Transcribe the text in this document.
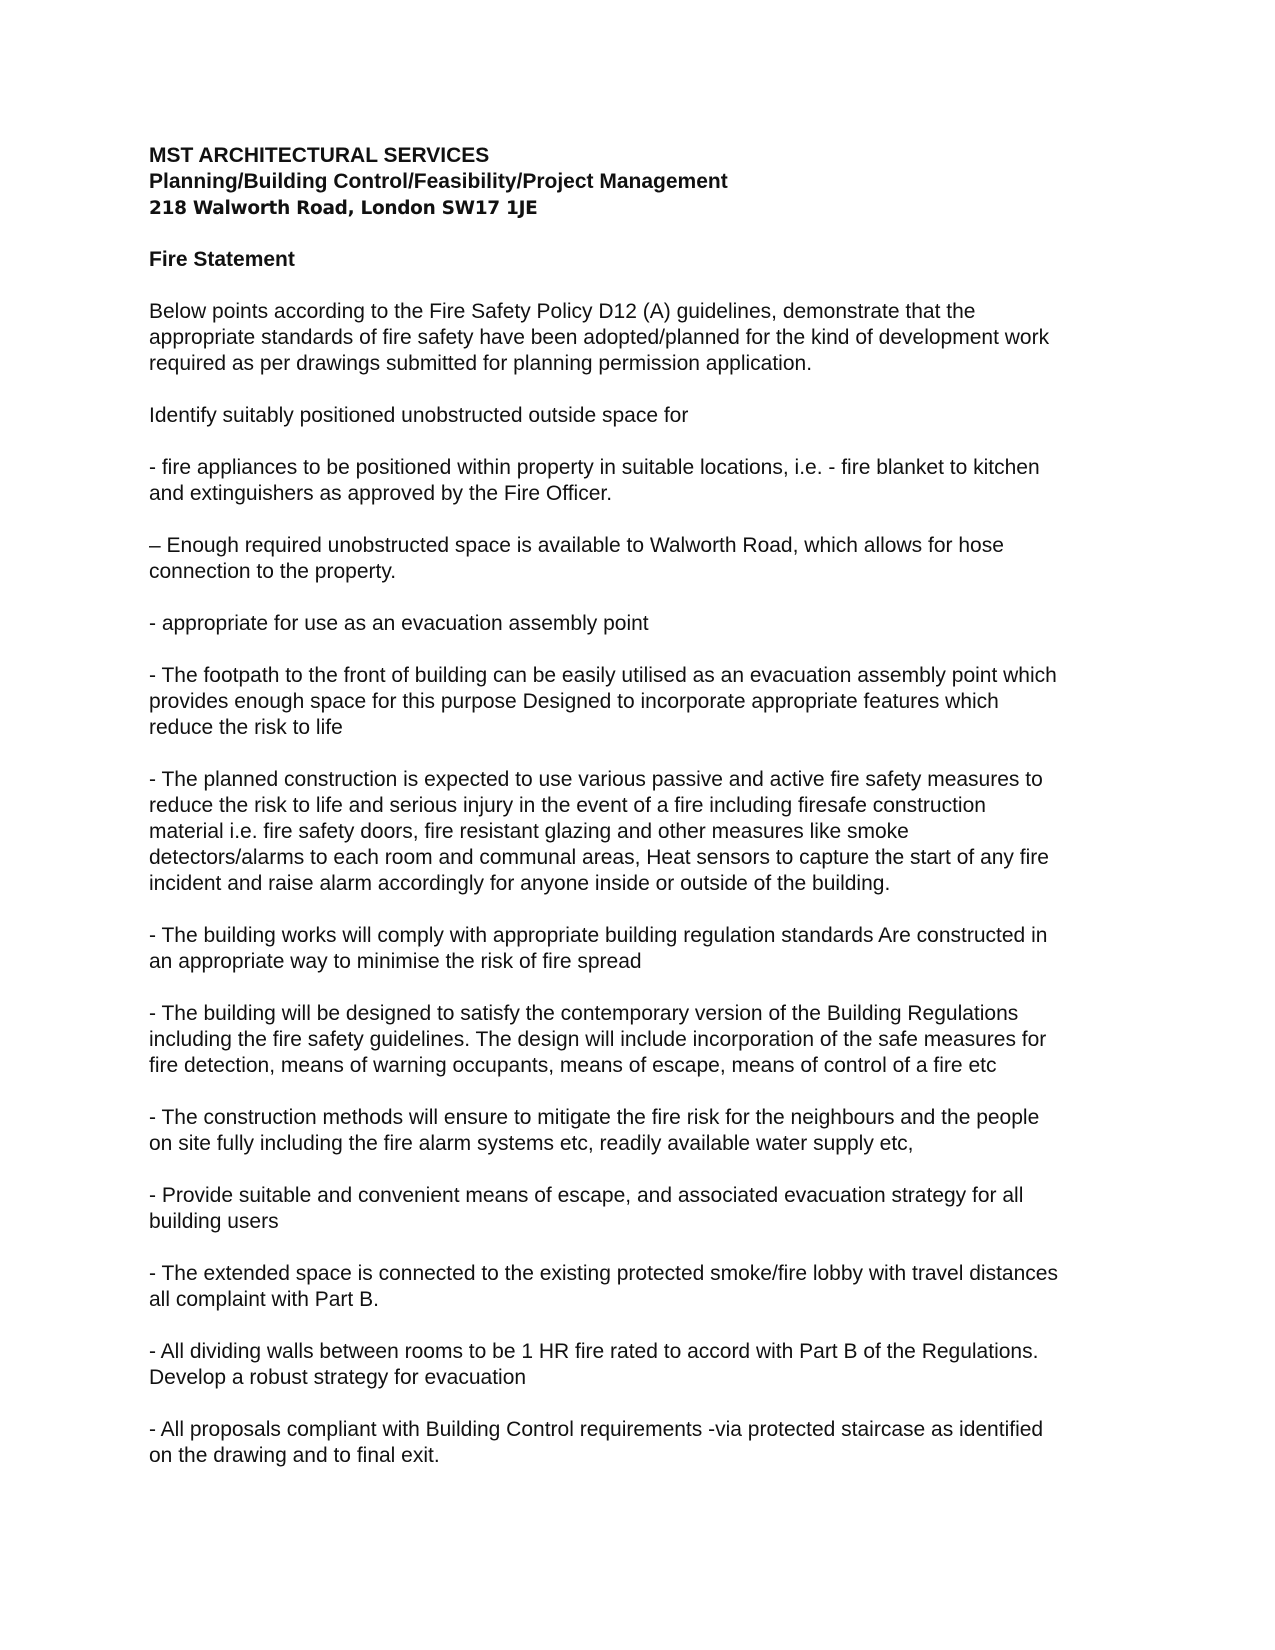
MST ARCHITECTURAL SERVICES

Planning/Building Control/Feasibility/Project Management

218 Walworth Road, London SW17 1JE

Fire Statement

Below points according to the Fire Safety Policy D12 (A) guidelines, demonstrate that the
appropriate standards of fire safety have been adopted/planned for the kind of development work
required as per drawings submitted for planning permission application.

Identify suitably positioned unobstructed outside space for

- fire appliances to be positioned within property in suitable locations, i.e. - fire blanket to kitchen
and extinguishers as approved by the Fire Officer.

– Enough required unobstructed space is available to Walworth Road, which allows for hose
connection to the property.

- appropriate for use as an evacuation assembly point

- The footpath to the front of building can be easily utilised as an evacuation assembly point which
provides enough space for this purpose Designed to incorporate appropriate features which
reduce the risk to life

- The planned construction is expected to use various passive and active fire safety measures to
reduce the risk to life and serious injury in the event of a fire including firesafe construction
material i.e. fire safety doors, fire resistant glazing and other measures like smoke
detectors/alarms to each room and communal areas, Heat sensors to capture the start of any fire
incident and raise alarm accordingly for anyone inside or outside of the building.

- The building works will comply with appropriate building regulation standards Are constructed in
an appropriate way to minimise the risk of fire spread

- The building will be designed to satisfy the contemporary version of the Building Regulations
including the fire safety guidelines. The design will include incorporation of the safe measures for
fire detection, means of warning occupants, means of escape, means of control of a fire etc

- The construction methods will ensure to mitigate the fire risk for the neighbours and the people
on site fully including the fire alarm systems etc, readily available water supply etc,

- Provide suitable and convenient means of escape, and associated evacuation strategy for all
building users

- The extended space is connected to the existing protected smoke/fire lobby with travel distances
all complaint with Part B.

- All dividing walls between rooms to be 1 HR fire rated to accord with Part B of the Regulations.
Develop a robust strategy for evacuation

- All proposals compliant with Building Control requirements -via protected staircase as identified
on the drawing and to final exit.
